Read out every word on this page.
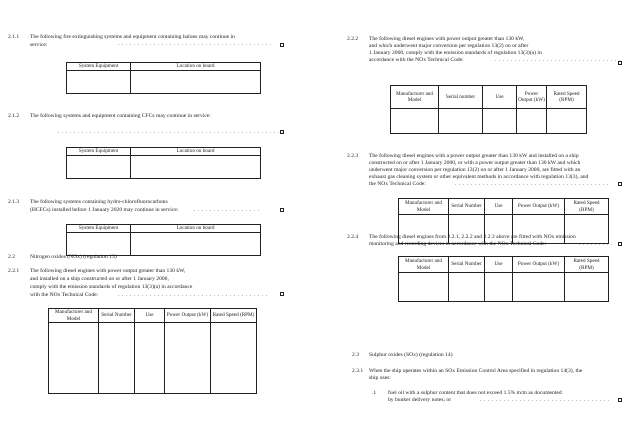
2.1.1 The following fire extinguishing systems and equipment containing halons may continue in service:	. . . . . . . . . . . . . . . . . . . . . . . . . . . . . . . . . . . . . . .
System Equipment	Location on board

2.1.2 The following systems and equipment containing CFCs may continue in service:
. . . . . . . . . . . . . . . . . . . . . . . . . . . . . . . . . . . . . . . . . . . . . . . . . . . . . . . . .
System Equipment	Location on board

2.1.3 The following systems containing hydro-chlorofluorocarbons
(HCFCs) installed before 1 January 2020 may continue in service:	. . . . . . . . . . . . . . . . .
System Equipment	Location on board

2.2	Nitrogen oxides (NOx) (regulation 13)
2.2.1 The following diesel engines with power output greater than 130 kW,
and installed on a ship constructed on or after 1 January 2000,
comply with the emission standards of regulation 13(3)(a) in accordance
with the NOx Technical Code:	. . . . . . . . . . . . . . . . . . . . . . . . . . . . . . . . . . . . . .
Manufacturer and Model	Serial Number	Use	Power Output (kW)	Rated Speed (RPM)

2.2.2 The following diesel engines with power output greater than 130 kW,
and which underwent major conversion per regulation 13(2) on or after
1 January 2000, comply with the emission standards of regulation 13(3)(a) in
accordance with the NOx Technical Code:	. . . . . . . . . . . . . . . . . . . . . . . . . . . . . . . .
Manufacturer and Model	Serial number	Use	Power Output (kW)	Rated Speed (RPM)

2.2.3 The following diesel engines with a power output greater than 130 kW and installed on a ship
constructed on or after 1 January 2000, or with a power output greater than 130 kW and which
underwent major conversion per regulation 13(2) on or after 1 January 2000, are fitted with an
exhaust gas cleaning system or other equivalent methods in accordance with regulation 13(3), and
the NOx Technical Code:	. . . . . . . . . . . . . . . . . . . . . . . . . . . . . . . . . . . . . . .
Manufacturer and Model	Serial Number	Use	Power Output (kW)	Rated Speed (RPM)

2.2.4 The following diesel engines from 2.2.1, 2.2.2 and 2.2.3 above are fitted with NOx emission
monitoring and recording devices in accordance with the NOx Technical Code:	. . . . . . . . .
Manufacturer and Model	Serial Number	Use	Power Output (kW)	Rated Speed (RPM)

2.3 Sulphur oxides (SOx) (regulation 14)
2.3.1 When the ship operates within an SOx Emission Control Area specified in regulation 14(3), the
ship uses:
.1 fuel oil with a sulphur content that does not exceed 1.5% m/m as documented
by bunker delivery notes; or	. . . . . . . . . . . . . . . . . . . . . . . . . . . . . . . . .
